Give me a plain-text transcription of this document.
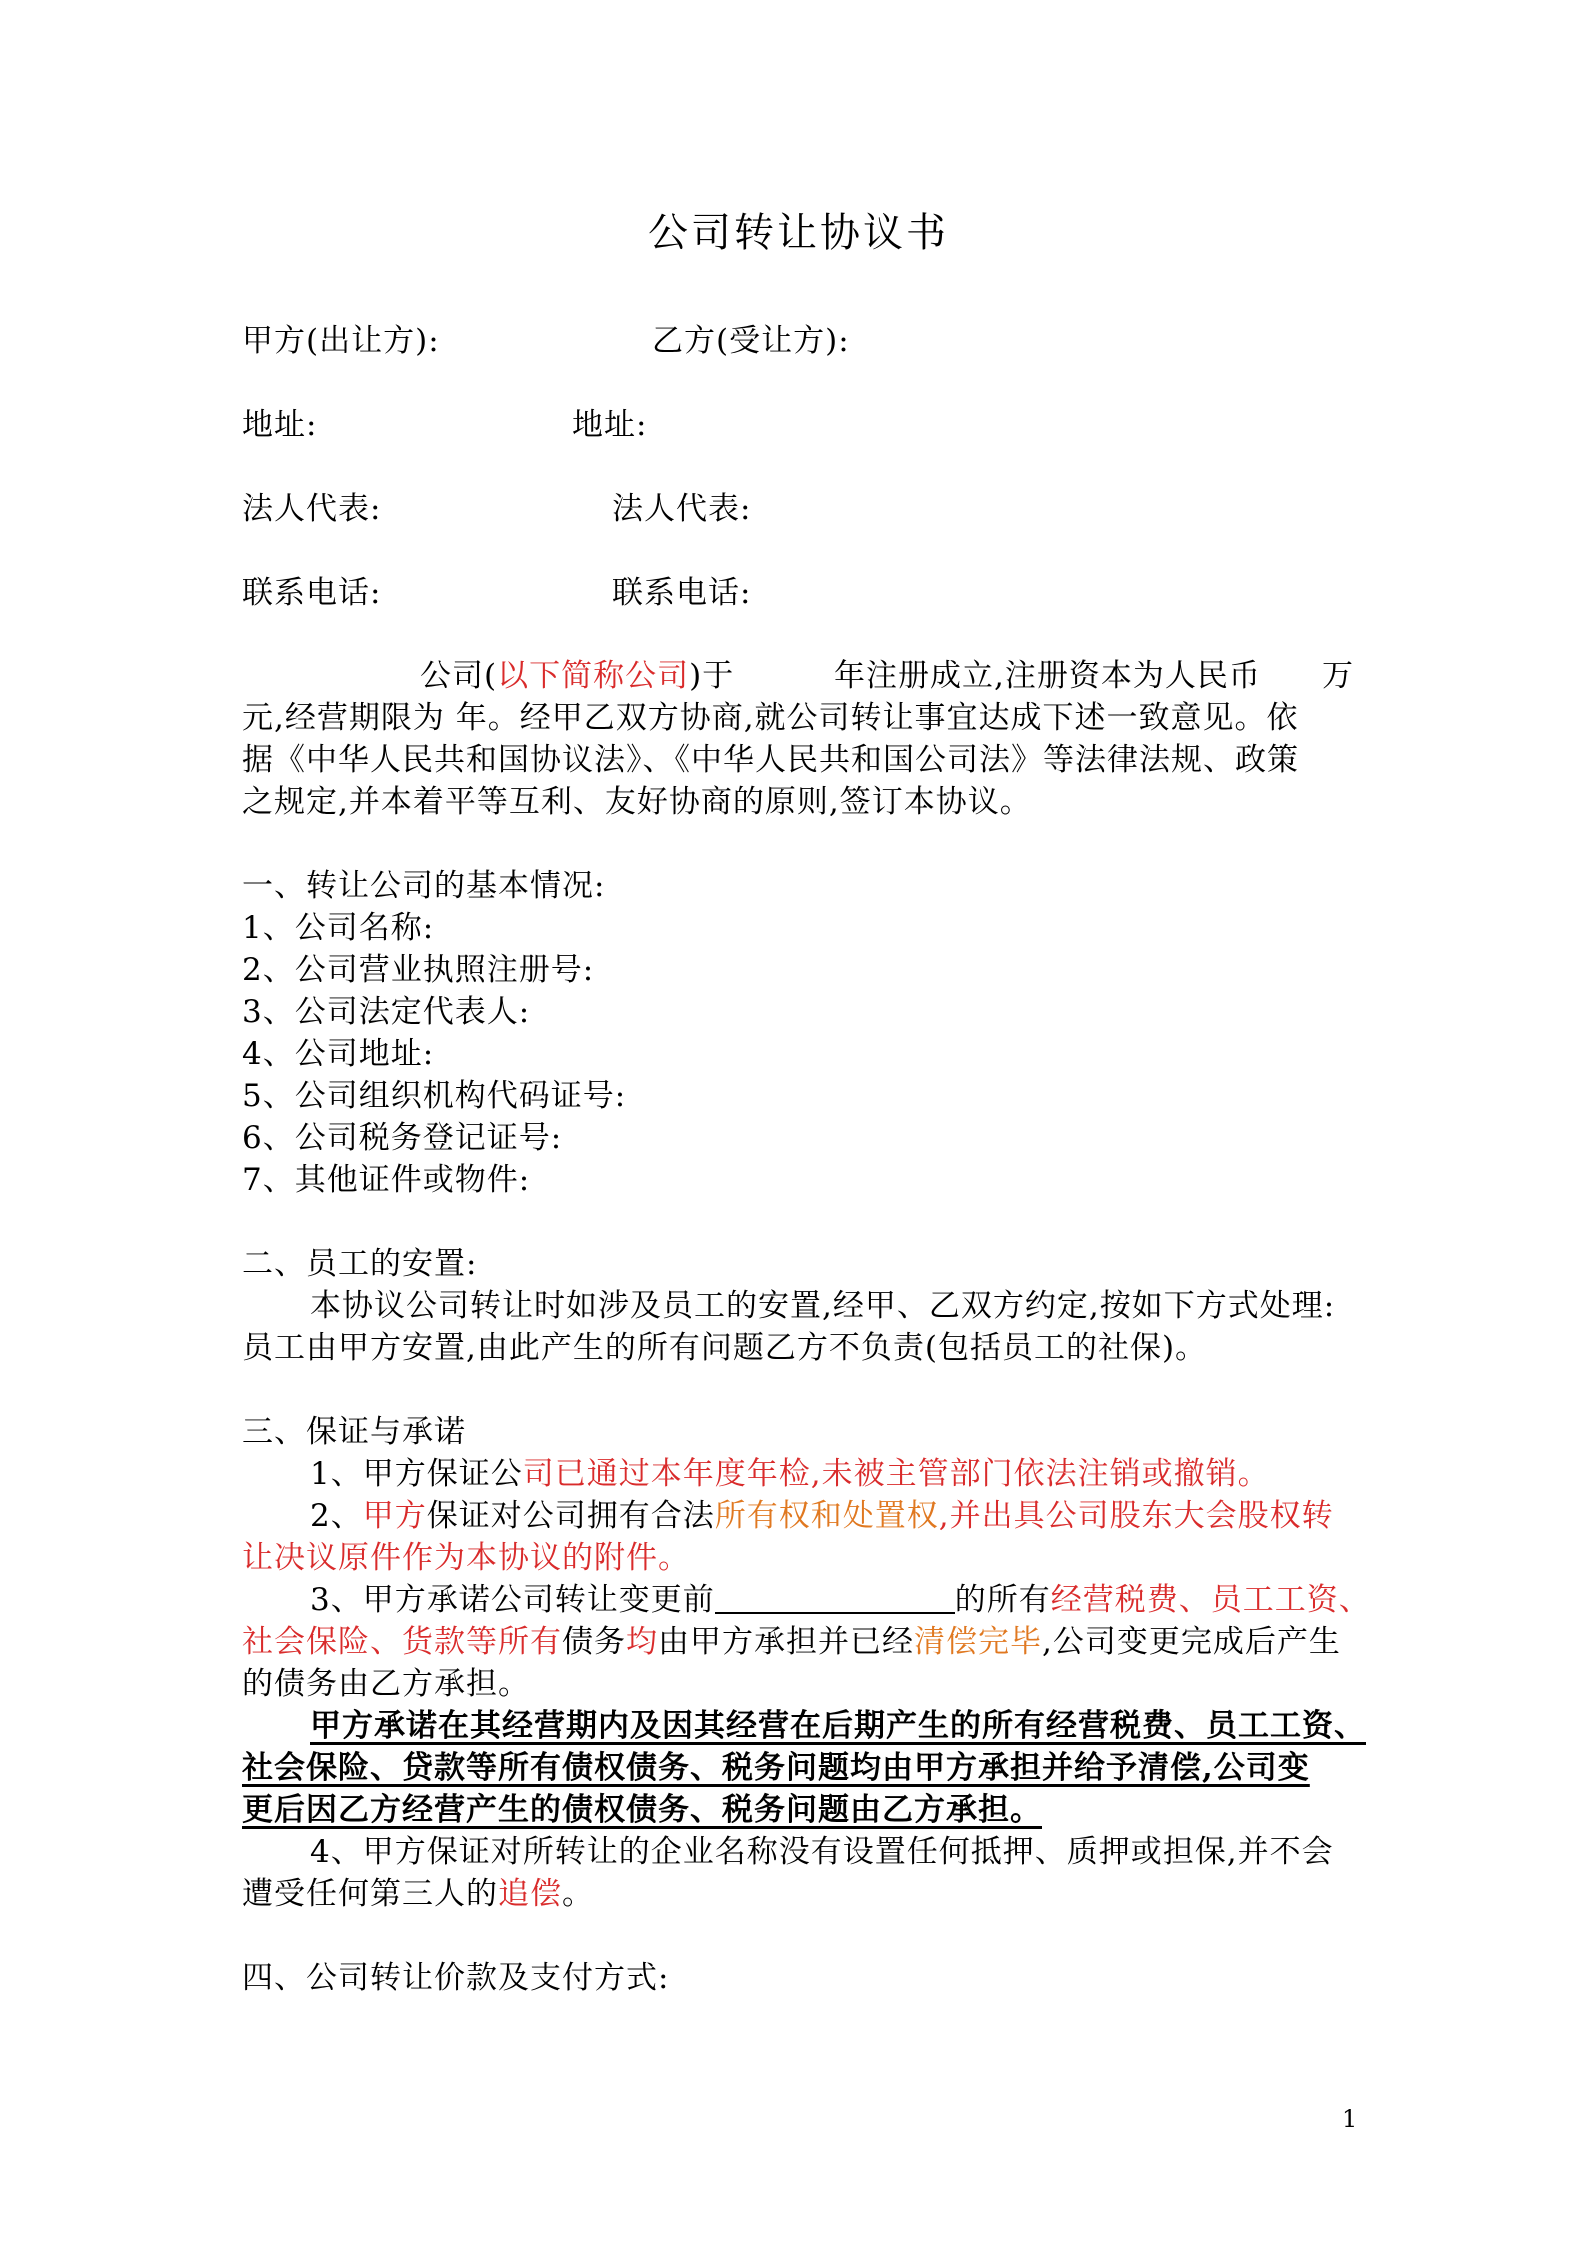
公司转让协议书
甲方(出让方):	乙方(受让方):
地址:	地址:
法人代表:	法人代表:
联系电话:	联系电话:
公司(以下简称公司)于	年注册成立,注册资本为人民币 万
元,经营期限为 年。经甲乙双方协商,就公司转让事宜达成下述一致意见。依
据《中华人民共和国协议法》、《中华人民共和国公司法》等法律法规、政策
之规定,并本着平等互利、友好协商的原则,签订本协议。
一、转让公司的基本情况:
1、公司名称:
2、公司营业执照注册号:
3、公司法定代表人:
4、公司地址:
5、公司组织机构代码证号:
6、公司税务登记证号:
7、其他证件或物件:
二、员工的安置:
本协议公司转让时如涉及员工的安置,经甲、乙双方约定,按如下方式处理:
员工由甲方安置,由此产生的所有问题乙方不负责(包括员工的社保)。
三、保证与承诺
1、甲方保证公司已通过本年度年检,未被主管部门依法注销或撤销。
2、甲方保证对公司拥有合法所有权和处置权,并出具公司股东大会股权转
让决议原件作为本协议的附件。
3、甲方承诺公司转让变更前	的所有经营税费、员工工资、
社会保险、货款等所有债务均由甲方承担并已经清偿完毕,公司变更完成后产生
的债务由乙方承担。
甲方承诺在其经营期内及因其经营在后期产生的所有经营税费、员工工资、
社会保险、贷款等所有债权债务、税务问题均由甲方承担并给予清偿,公司变
更后因乙方经营产生的债权债务、税务问题由乙方承担。
4、甲方保证对所转让的企业名称没有设置任何抵押、质押或担保,并不会
遭受任何第三人的追偿。
四、公司转让价款及支付方式:
1
